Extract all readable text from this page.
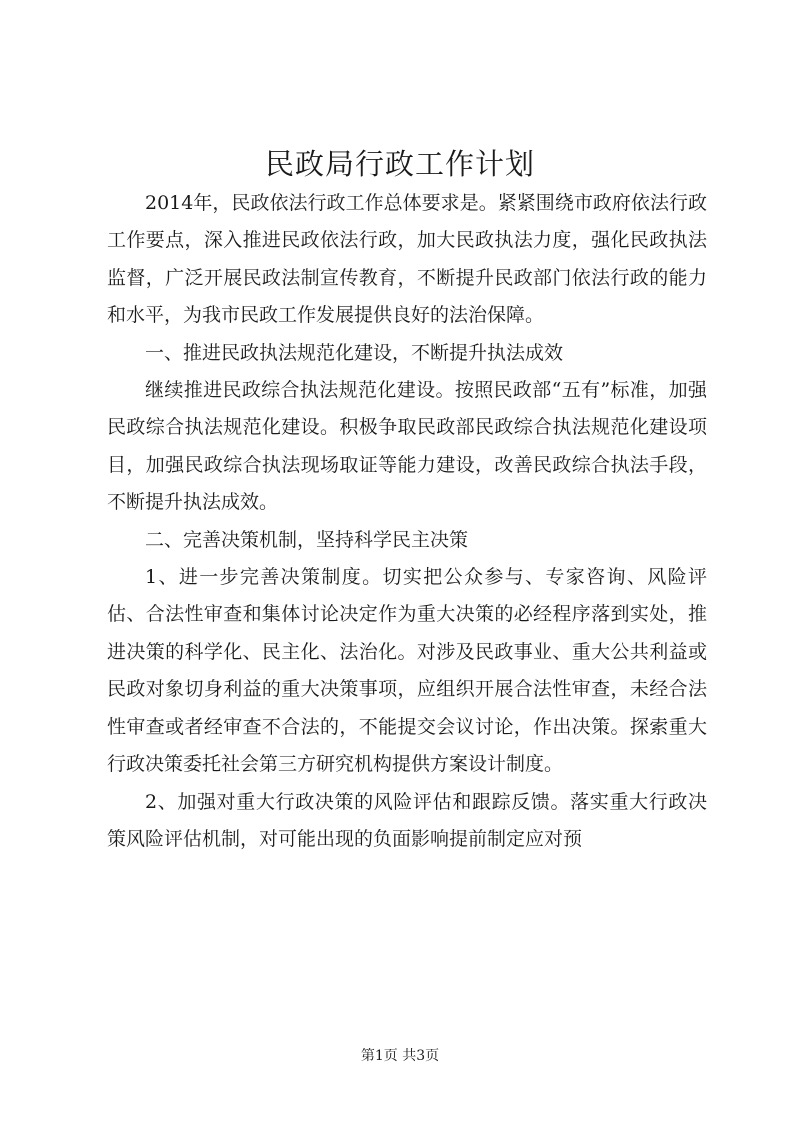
民政局行政工作计划

2014年，民政依法行政工作总体要求是。紧紧围绕市政府依法行政工作要点，深入推进民政依法行政，加大民政执法力度，强化民政执法监督，广泛开展民政法制宣传教育，不断提升民政部门依法行政的能力和水平，为我市民政工作发展提供良好的法治保障。

一、推进民政执法规范化建设，不断提升执法成效

继续推进民政综合执法规范化建设。按照民政部“五有”标准，加强民政综合执法规范化建设。积极争取民政部民政综合执法规范化建设项目，加强民政综合执法现场取证等能力建设，改善民政综合执法手段，不断提升执法成效。

二、完善决策机制，坚持科学民主决策

1、进一步完善决策制度。切实把公众参与、专家咨询、风险评估、合法性审查和集体讨论决定作为重大决策的必经程序落到实处，推进决策的科学化、民主化、法治化。对涉及民政事业、重大公共利益或民政对象切身利益的重大决策事项，应组织开展合法性审查，未经合法性审查或者经审查不合法的，不能提交会议讨论，作出决策。探索重大行政决策委托社会第三方研究机构提供方案设计制度。

2、加强对重大行政决策的风险评估和跟踪反馈。落实重大行政决策风险评估机制，对可能出现的负面影响提前制定应对预

第1页 共3页
